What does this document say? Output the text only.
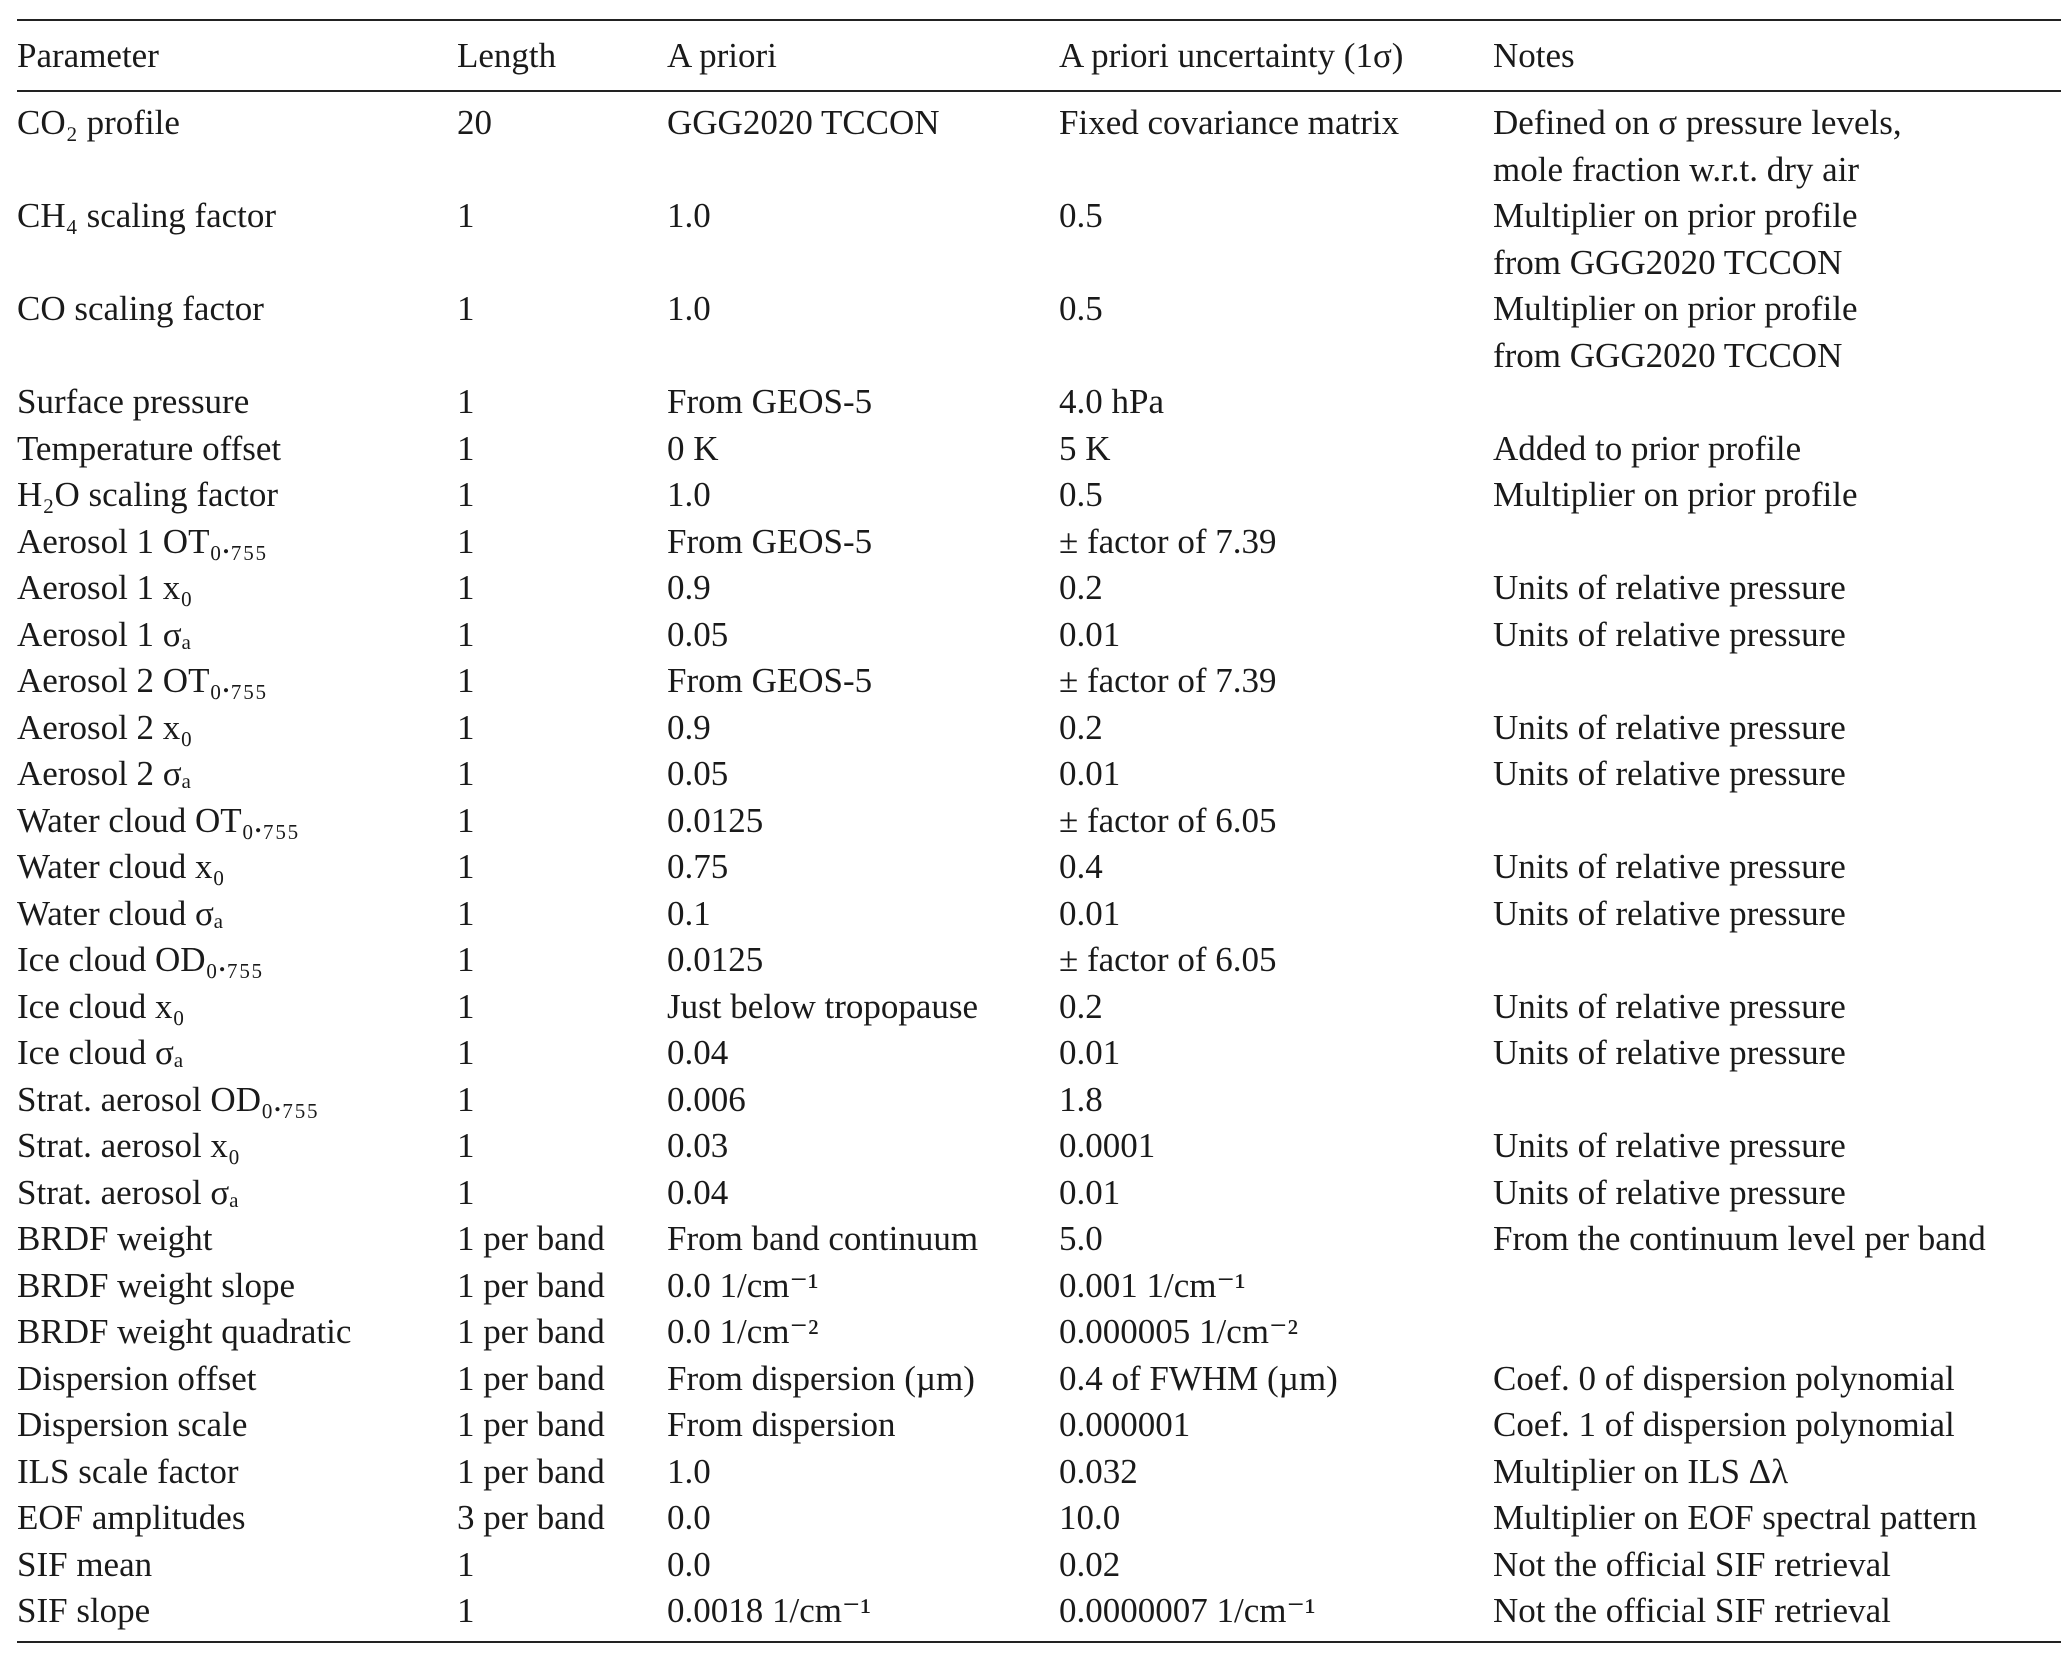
Parameter	Length	A priori	A priori uncertainty (1σ)	Notes

CO₂ profile	20	GGG2020 TCCON	Fixed covariance matrix	Defined on σ pressure levels,
mole fraction w.r.t. dry air

CH₄ scaling factor	1	1.0	0.5	Multiplier on prior profile
from GGG2020 TCCON

CO scaling factor	1	1.0	0.5	Multiplier on prior profile
from GGG2020 TCCON

Surface pressure	1	From GEOS-5	4.0 hPa	
Temperature offset	1	0 K	5 K	Added to prior profile

H₂O scaling factor	1	1.0	0.5	Multiplier on prior profile

Aerosol 1 OT₀.₇₅₅	1	From GEOS-5	± factor of 7.39	
Aerosol 1 x₀	1	0.9	0.2	Units of relative pressure

Aerosol 1 σₐ	1	0.05	0.01	Units of relative pressure

Aerosol 2 OT₀.₇₅₅	1	From GEOS-5	± factor of 7.39	
Aerosol 2 x₀	1	0.9	0.2	Units of relative pressure

Aerosol 2 σₐ	1	0.05	0.01	Units of relative pressure

Water cloud OT₀.₇₅₅	1	0.0125	± factor of 6.05	
Water cloud x₀	1	0.75	0.4	Units of relative pressure

Water cloud σₐ	1	0.1	0.01	Units of relative pressure

Ice cloud OD₀.₇₅₅	1	0.0125	± factor of 6.05	
Ice cloud x₀	1	Just below tropopause	0.2	Units of relative pressure

Ice cloud σₐ	1	0.04	0.01	Units of relative pressure

Strat. aerosol OD₀.₇₅₅	1	0.006	1.8	
Strat. aerosol x₀	1	0.03	0.0001	Units of relative pressure

Strat. aerosol σₐ	1	0.04	0.01	Units of relative pressure

BRDF weight	1 per band	From band continuum	5.0	From the continuum level per band

BRDF weight slope	1 per band	0.0 1/cm⁻¹	0.001 1/cm⁻¹	
BRDF weight quadratic	1 per band	0.0 1/cm⁻²	0.000005 1/cm⁻²	
Dispersion offset	1 per band	From dispersion (µm)	0.4 of FWHM (µm)	Coef. 0 of dispersion polynomial

Dispersion scale	1 per band	From dispersion	0.000001	Coef. 1 of dispersion polynomial

ILS scale factor	1 per band	1.0	0.032	Multiplier on ILS Δλ

EOF amplitudes	3 per band	0.0	10.0	Multiplier on EOF spectral pattern

SIF mean	1	0.0	0.02	Not the official SIF retrieval

SIF slope	1	0.0018 1/cm⁻¹	0.0000007 1/cm⁻¹	Not the official SIF retrieval
